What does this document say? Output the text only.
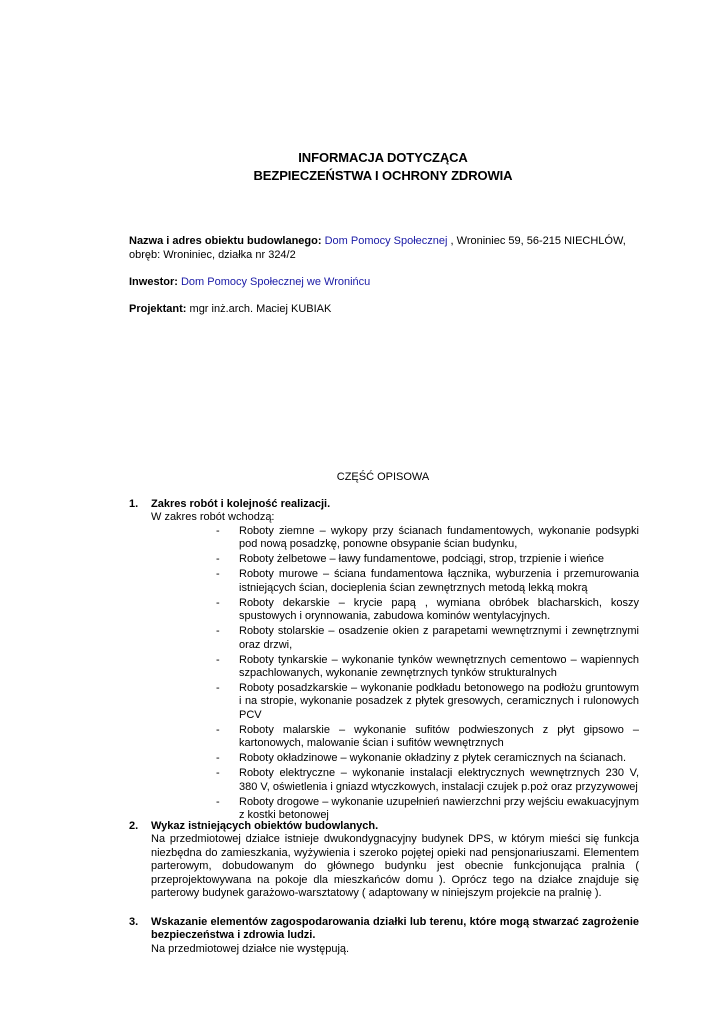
INFORMACJA DOTYCZĄCA
BEZPIECZEŃSTWA I OCHRONY ZDROWIA
Nazwa i adres obiektu budowlanego: Dom Pomocy Społecznej , Wroniniec 59, 56-215 NIECHLÓW,
obręb: Wroniniec, działka nr 324/2
Inwestor: Dom Pomocy Społecznej we Wronińcu
Projektant: mgr inż.arch. Maciej KUBIAK
CZĘŚĆ OPISOWA
1. Zakres robót i kolejność realizacji.
W zakres robót wchodzą:
- Roboty ziemne – wykopy przy ścianach fundamentowych, wykonanie podsypki pod nową posadzkę, ponowne obsypanie ścian budynku,
- Roboty żelbetowe – ławy fundamentowe, podciągi, strop, trzpienie i wieńce
- Roboty murowe – ściana fundamentowa łącznika, wyburzenia i przemurowania istniejących ścian, docieplenia ścian zewnętrznych metodą lekką mokrą
- Roboty dekarskie – krycie papą , wymiana obróbek blacharskich, koszy spustowych i orynnowania, zabudowa kominów wentylacyjnych.
- Roboty stolarskie – osadzenie okien z parapetami wewnętrznymi i zewnętrznymi oraz drzwi,
- Roboty tynkarskie – wykonanie tynków wewnętrznych cementowo – wapiennych szpachlowanych, wykonanie zewnętrznych tynków strukturalnych
- Roboty posadzkarskie – wykonanie podkładu betonowego na podłożu gruntowym i na stropie, wykonanie posadzek z płytek gresowych, ceramicznych i rulonowych PCV
- Roboty malarskie – wykonanie sufitów podwieszonych z płyt gipsowo – kartonowych, malowanie ścian i sufitów wewnętrznych
- Roboty okładzinowe – wykonanie okładziny z płytek ceramicznych na ścianach.
- Roboty elektryczne – wykonanie instalacji elektrycznych wewnętrznych 230 V, 380 V, oświetlenia i gniazd wtyczkowych, instalacji czujek p.poż oraz przyzywowej
- Roboty drogowe – wykonanie uzupełnień nawierzchni przy wejściu ewakuacyjnym z kostki betonowej
2. Wykaz istniejących obiektów budowlanych.
Na przedmiotowej działce istnieje dwukondygnacyjny budynek DPS, w którym mieści się funkcja niezbędna do zamieszkania, wyżywienia i szeroko pojętej opieki nad pensjonariuszami. Elementem parterowym, dobudowanym do głównego budynku jest obecnie funkcjonująca pralnia ( przeprojektowywana na pokoje dla mieszkańców domu ). Oprócz tego na działce znajduje się parterowy budynek garażowo-warsztatowy ( adaptowany w niniejszym projekcie na pralnię ).
3. Wskazanie elementów zagospodarowania działki lub terenu, które mogą stwarzać zagrożenie bezpieczeństwa i zdrowia ludzi.
Na przedmiotowej działce nie występują.
